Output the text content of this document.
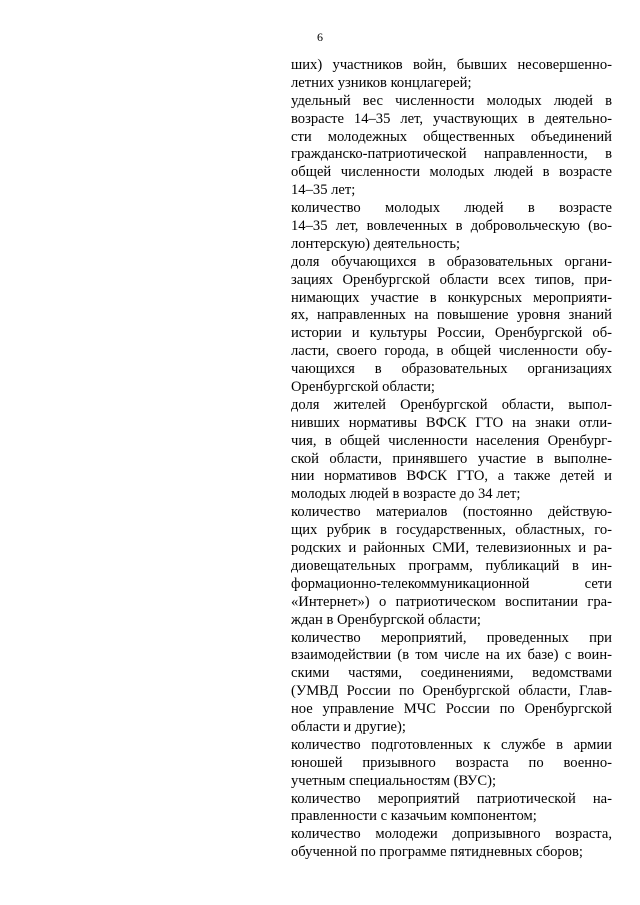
6
ших) участников войн, бывших несовершенно-
летних узников концлагерей;
удельный вес численности молодых людей в
возрасте 14–35 лет, участвующих в деятельно-
сти молодежных общественных объединений
гражданско-патриотической направленности, в
общей численности молодых людей в возрасте
14–35 лет;
количество молодых людей в возрасте
14–35 лет, вовлеченных в добровольческую (во-
лонтерскую) деятельность;
доля обучающихся в образовательных органи-
зациях Оренбургской области всех типов, при-
нимающих участие в конкурсных мероприяти-
ях, направленных на повышение уровня знаний
истории и культуры России, Оренбургской об-
ласти, своего города, в общей численности обу-
чающихся в образовательных организациях
Оренбургской области;
доля жителей Оренбургской области, выпол-
нивших нормативы ВФСК ГТО на знаки отли-
чия, в общей численности населения Оренбург-
ской области, принявшего участие в выполне-
нии нормативов ВФСК ГТО, а также детей и
молодых людей в возрасте до 34 лет;
количество материалов (постоянно действую-
щих рубрик в государственных, областных, го-
родских и районных СМИ, телевизионных и ра-
диовещательных программ, публикаций в ин-
формационно-телекоммуникационной сети
«Интернет») о патриотическом воспитании гра-
ждан в Оренбургской области;
количество мероприятий, проведенных при
взаимодействии (в том числе на их базе) с воин-
скими частями, соединениями, ведомствами
(УМВД России по Оренбургской области, Глав-
ное управление МЧС России по Оренбургской
области и другие);
количество подготовленных к службе в армии
юношей призывного возраста по военно-
учетным специальностям (ВУС);
количество мероприятий патриотической на-
правленности с казачьим компонентом;
количество молодежи допризывного возраста,
обученной по программе пятидневных сборов;
